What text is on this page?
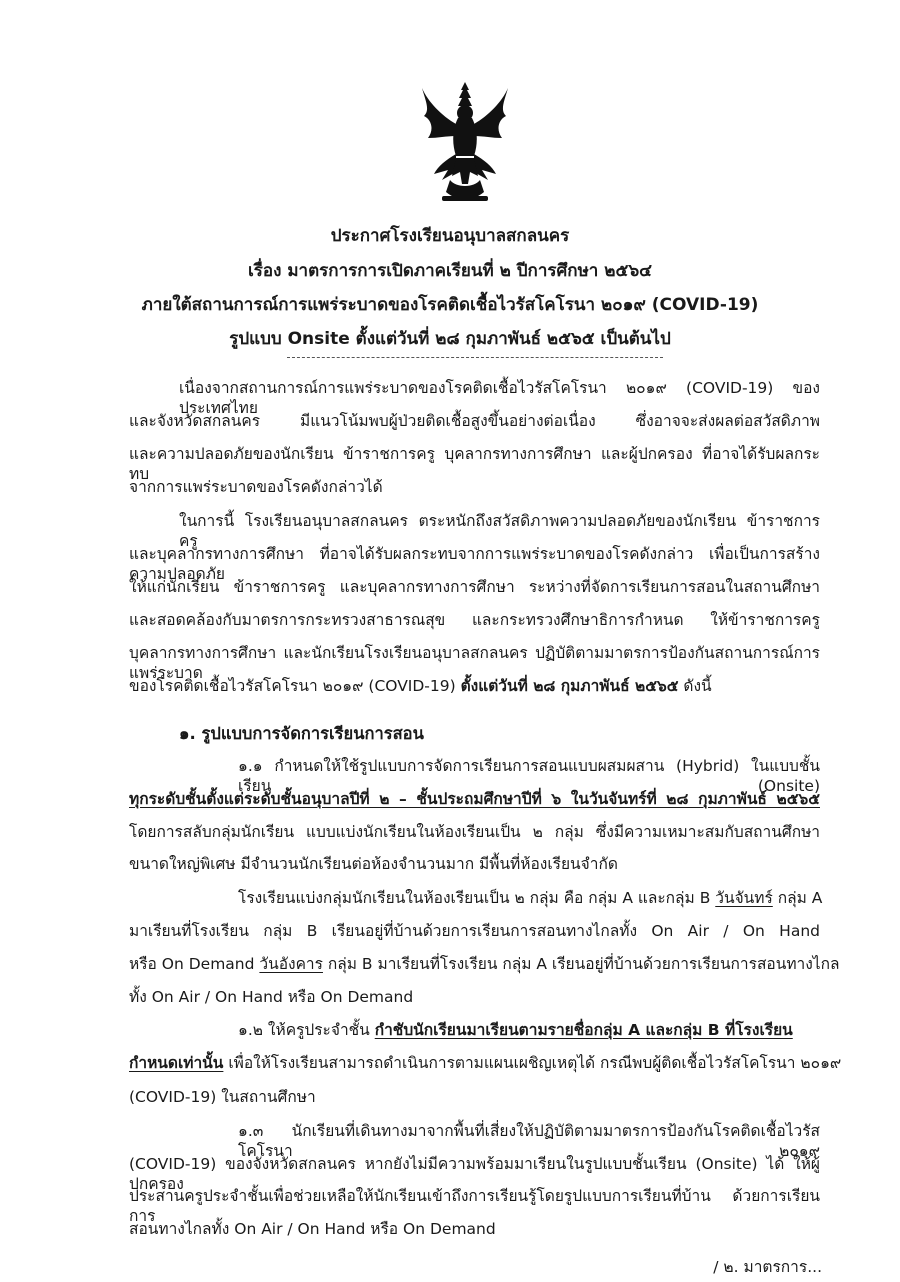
ประกาศโรงเรียนอนุบาลสกลนคร
เรื่อง มาตรการการเปิดภาคเรียนที่ ๒ ปีการศึกษา ๒๕๖๔
ภายใต้สถานการณ์การแพร่ระบาดของโรคติดเชื้อไวรัสโคโรนา ๒๐๑๙ (COVID-19)
รูปแบบ Onsite ตั้งแต่วันที่ ๒๘ กุมภาพันธ์ ๒๕๖๕ เป็นต้นไป
เนื่องจากสถานการณ์การแพร่ระบาดของโรคติดเชื้อไวรัสโคโรนา ๒๐๑๙ (COVID-19) ของประเทศไทย
และจังหวัดสกลนคร มีแนวโน้มพบผู้ป่วยติดเชื้อสูงขึ้นอย่างต่อเนื่อง ซึ่งอาจจะส่งผลต่อสวัสดิภาพ
และความปลอดภัยของนักเรียน ข้าราชการครู บุคลากรทางการศึกษา และผู้ปกครอง ที่อาจได้รับผลกระทบ
จากการแพร่ระบาดของโรคดังกล่าวได้
ในการนี้ โรงเรียนอนุบาลสกลนคร ตระหนักถึงสวัสดิภาพความปลอดภัยของนักเรียน ข้าราชการครู
และบุคลากรทางการศึกษา ที่อาจได้รับผลกระทบจากการแพร่ระบาดของโรคดังกล่าว เพื่อเป็นการสร้างความปลอดภัย
ให้แก่นักเรียน ข้าราชการครู และบุคลากรทางการศึกษา ระหว่างที่จัดการเรียนการสอนในสถานศึกษา
และสอดคล้องกับมาตรการกระทรวงสาธารณสุข และกระทรวงศึกษาธิการกำหนด ให้ข้าราชการครู
บุคลากรทางการศึกษา และนักเรียนโรงเรียนอนุบาลสกลนคร ปฏิบัติตามมาตรการป้องกันสถานการณ์การแพร่ระบาด
ของโรคติดเชื้อไวรัสโคโรนา ๒๐๑๙ (COVID-19) ตั้งแต่วันที่ ๒๘ กุมภาพันธ์ ๒๕๖๕ ดังนี้
๑. รูปแบบการจัดการเรียนการสอน
๑.๑ กำหนดให้ใช้รูปแบบการจัดการเรียนการสอนแบบผสมผสาน (Hybrid) ในแบบชั้นเรียน (Onsite)
ทุกระดับชั้นตั้งแต่ระดับชั้นอนุบาลปีที่ ๒ – ชั้นประถมศึกษาปีที่ ๖ ในวันจันทร์ที่ ๒๘ กุมภาพันธ์ ๒๕๖๕
โดยการสลับกลุ่มนักเรียน แบบแบ่งนักเรียนในห้องเรียนเป็น ๒ กลุ่ม ซึ่งมีความเหมาะสมกับสถานศึกษา
ขนาดใหญ่พิเศษ มีจำนวนนักเรียนต่อห้องจำนวนมาก มีพื้นที่ห้องเรียนจำกัด
โรงเรียนแบ่งกลุ่มนักเรียนในห้องเรียนเป็น ๒ กลุ่ม คือ กลุ่ม A และกลุ่ม B วันจันทร์ กลุ่ม A
มาเรียนที่โรงเรียน กลุ่ม B เรียนอยู่ที่บ้านด้วยการเรียนการสอนทางไกลทั้ง On Air / On Hand
หรือ On Demand วันอังคาร กลุ่ม B มาเรียนที่โรงเรียน กลุ่ม A เรียนอยู่ที่บ้านด้วยการเรียนการสอนทางไกล
ทั้ง On Air / On Hand หรือ On Demand
๑.๒ ให้ครูประจำชั้น กำชับนักเรียนมาเรียนตามรายชื่อกลุ่ม A และกลุ่ม B ที่โรงเรียน
กำหนดเท่านั้น เพื่อให้โรงเรียนสามารถดำเนินการตามแผนเผชิญเหตุได้ กรณีพบผู้ติดเชื้อไวรัสโคโรนา ๒๐๑๙
(COVID-19) ในสถานศึกษา
๑.๓ นักเรียนที่เดินทางมาจากพื้นที่เสี่ยงให้ปฏิบัติตามมาตรการป้องกันโรคติดเชื้อไวรัสโคโรนา ๒๐๑๙
(COVID-19) ของจังหวัดสกลนคร หากยังไม่มีความพร้อมมาเรียนในรูปแบบชั้นเรียน (Onsite) ได้ ให้ผู้ปกครอง
ประสานครูประจำชั้นเพื่อช่วยเหลือให้นักเรียนเข้าถึงการเรียนรู้โดยรูปแบบการเรียนที่บ้าน ด้วยการเรียนการ
สอนทางไกลทั้ง On Air / On Hand หรือ On Demand
/ ๒. มาตรการ...
